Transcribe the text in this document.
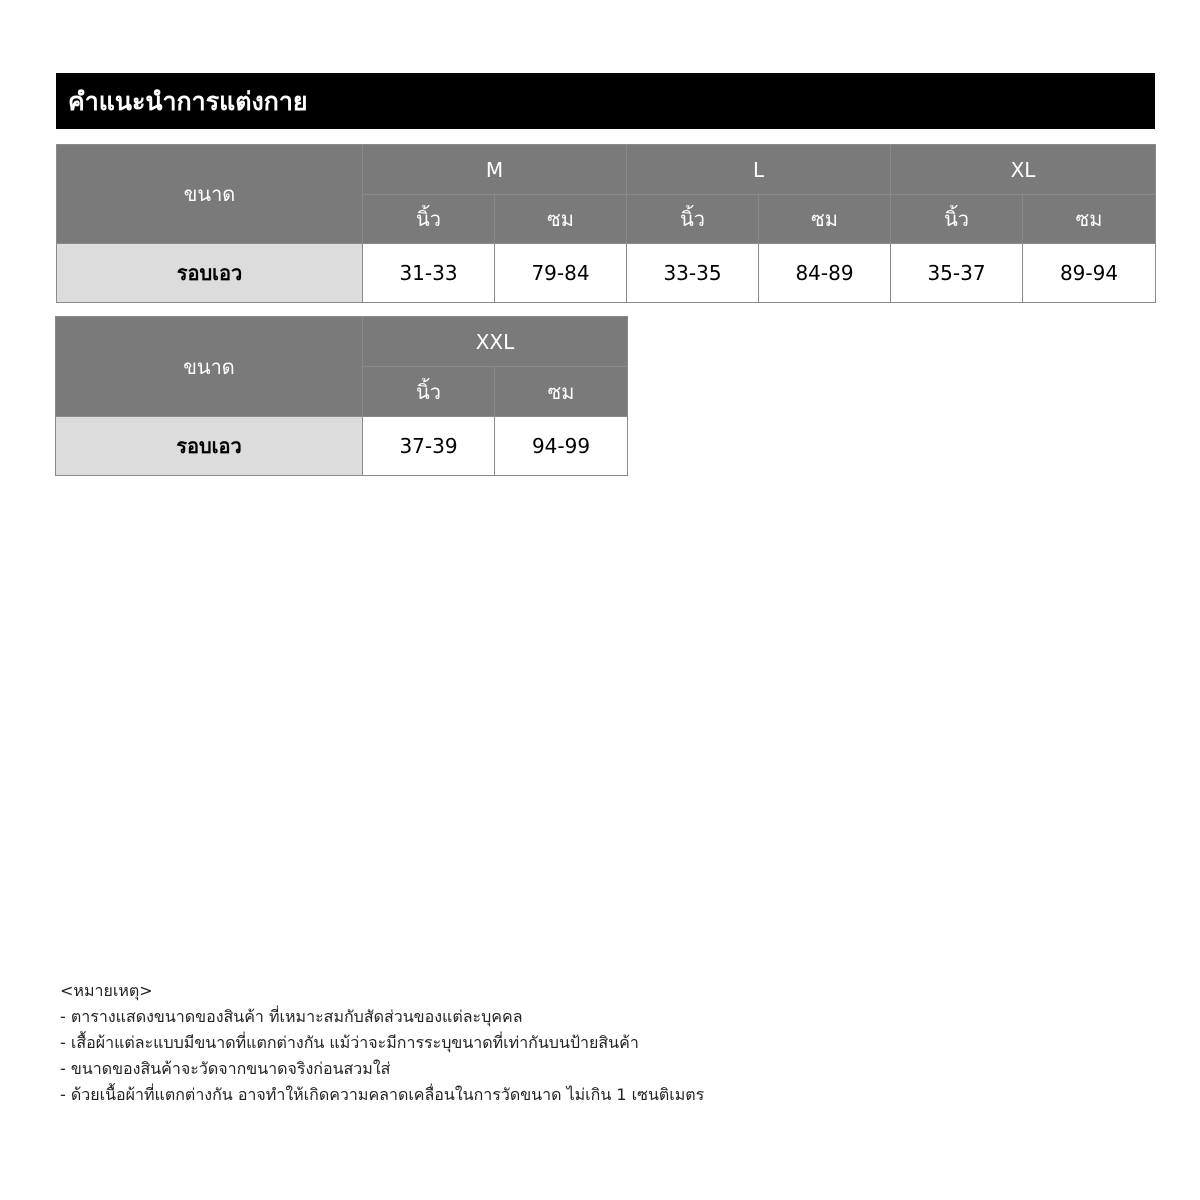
คำแนะนำการแต่งกาย
ขนาด	M		L		XL	
	นิ้ว	ซม	นิ้ว	ซม	นิ้ว	ซม
รอบเอว	31-33	79-84	33-35	84-89	35-37	89-94
ขนาด	XXL	
	นิ้ว	ซม
รอบเอว	37-39	94-99
<หมายเหตุ>
- ตารางแสดงขนาดของสินค้า ที่เหมาะสมกับสัดส่วนของแต่ละบุคคล
- เสื้อผ้าแต่ละแบบมีขนาดที่แตกต่างกัน แม้ว่าจะมีการระบุขนาดที่เท่ากันบนป้ายสินค้า
- ขนาดของสินค้าจะวัดจากขนาดจริงก่อนสวมใส่
- ด้วยเนื้อผ้าที่แตกต่างกัน อาจทำให้เกิดความคลาดเคลื่อนในการวัดขนาด ไม่เกิน 1 เซนติเมตร
